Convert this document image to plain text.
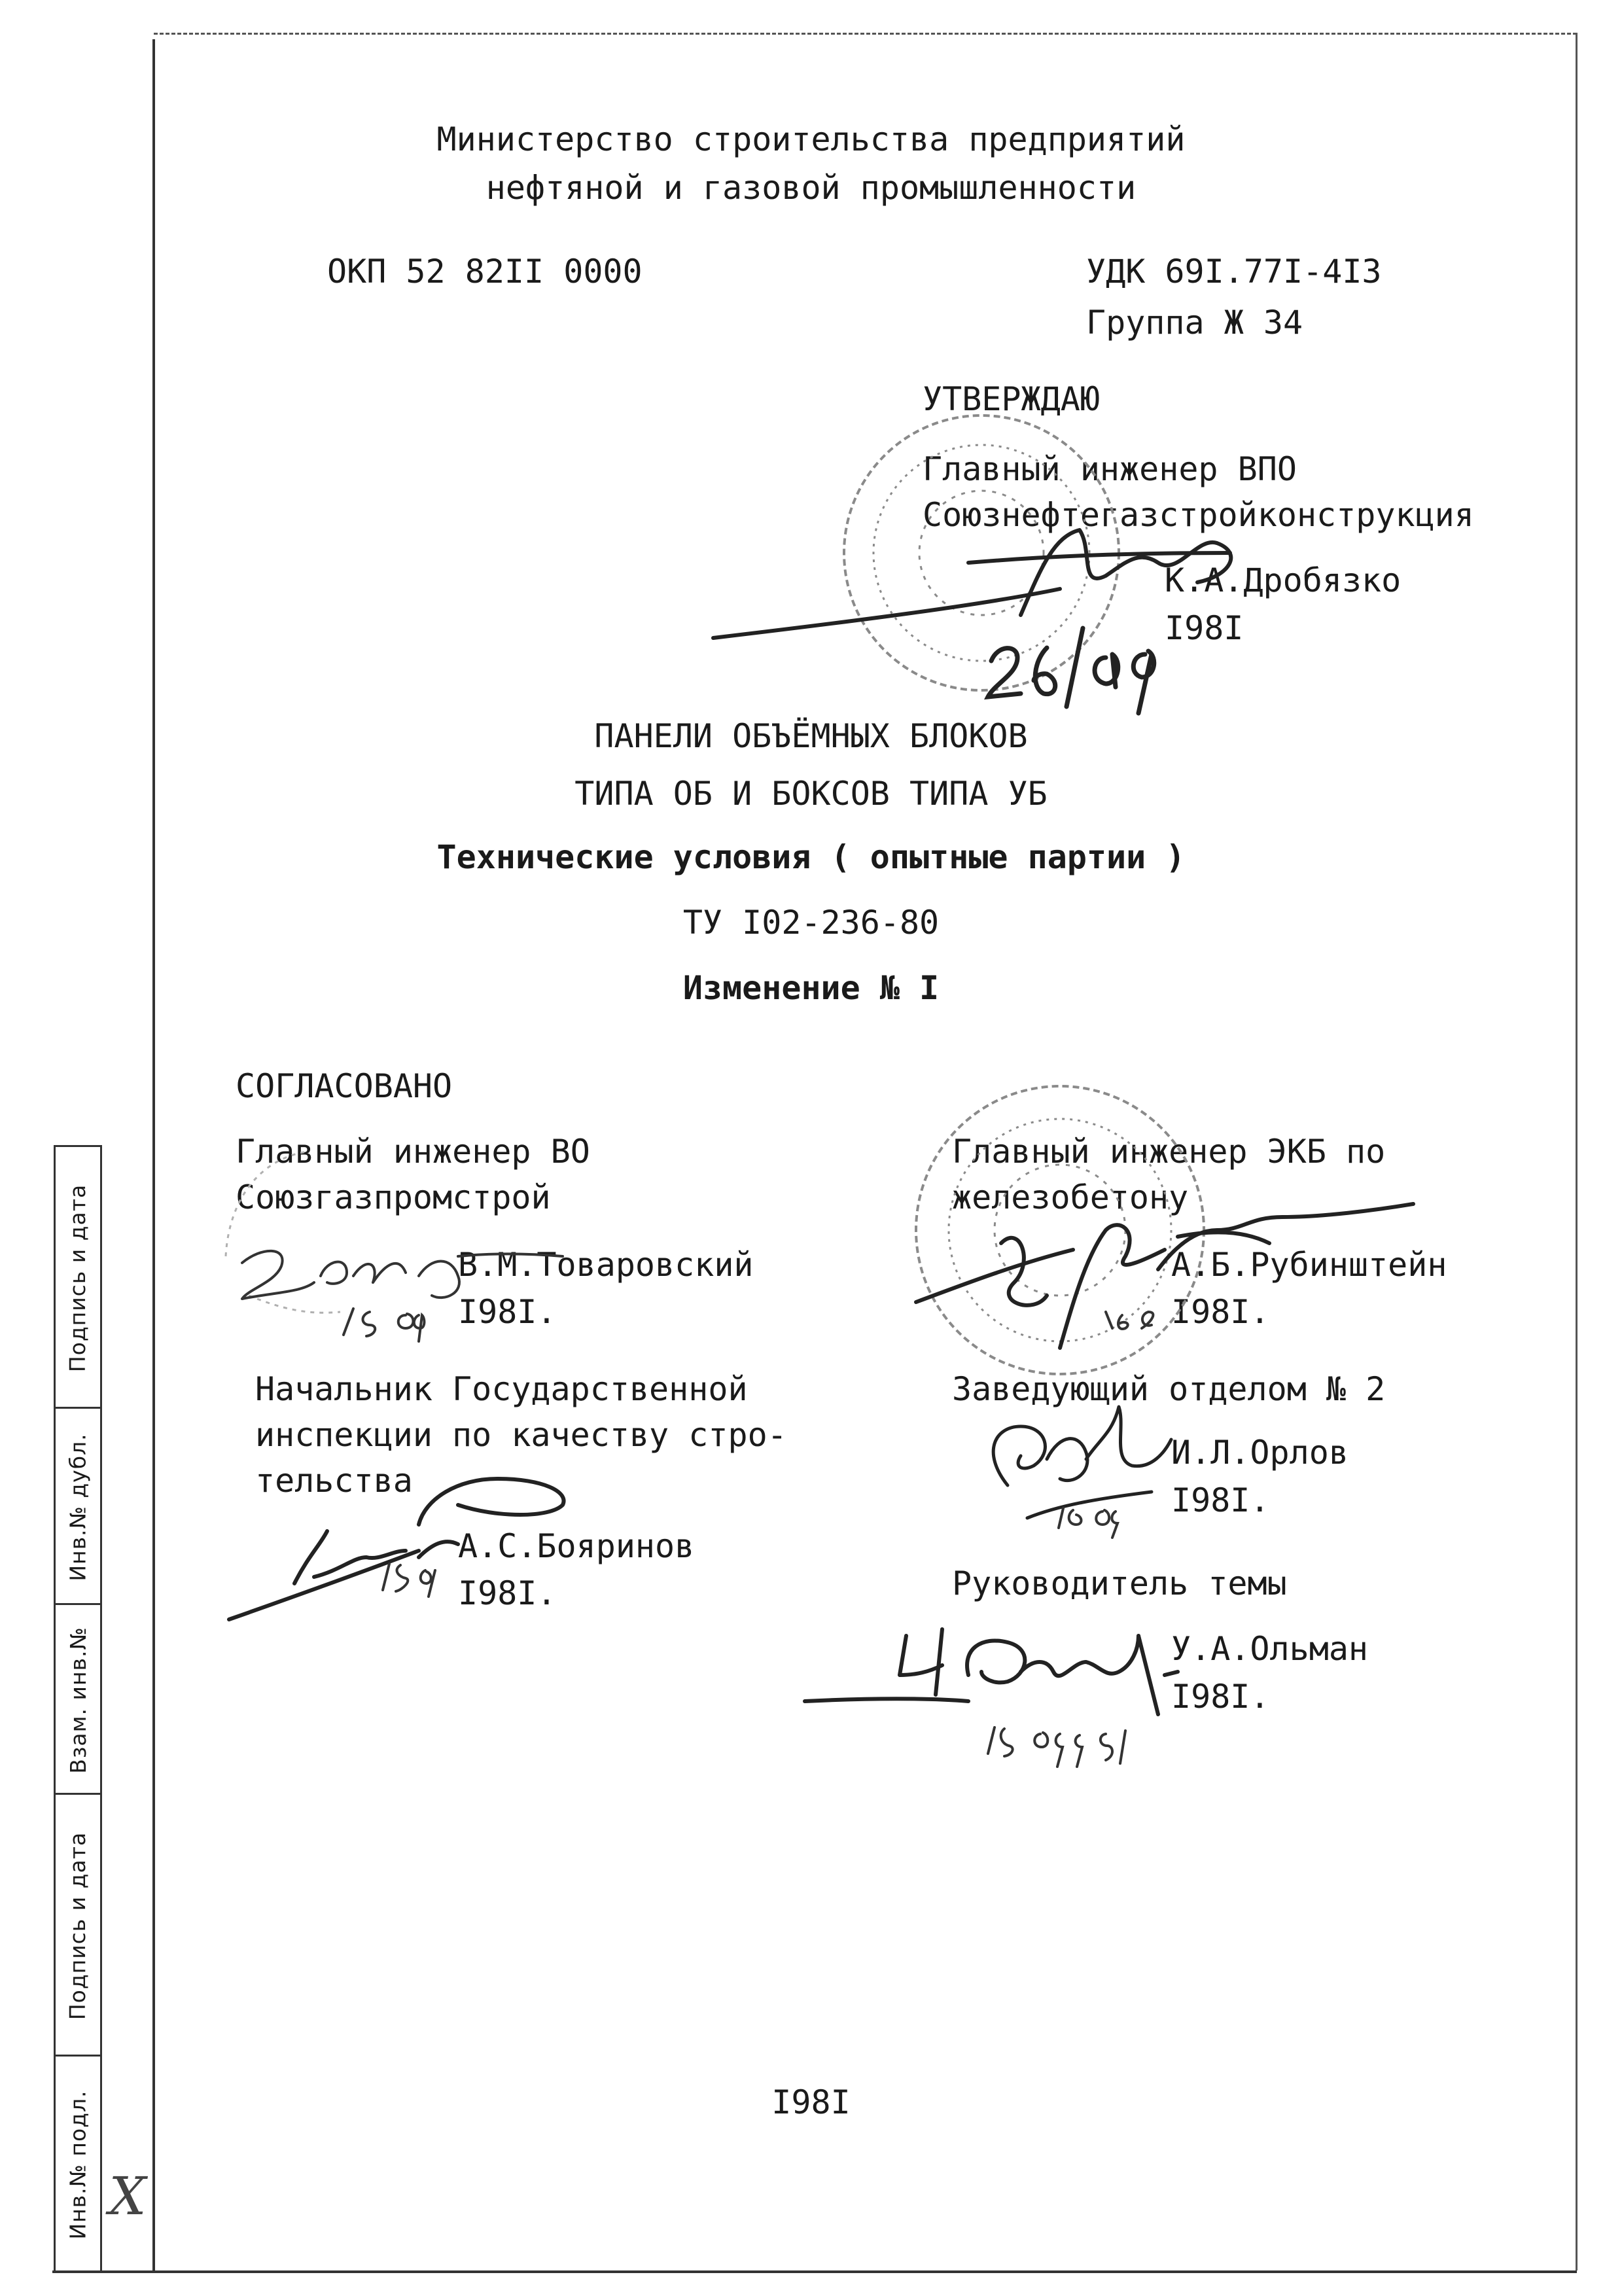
Подпись и дата
Инв.№ дубл.
Взам. инв.№
Подпись и дата
Инв.№ подл. X
Министерство строительства предприятий
нефтяной и газовой промышленности
ОКП 52 82II 0000	УДК 69I.77I-4I3
Группа Ж 34
УТВЕРЖДАЮ
Главный инженер ВПО
Союзнефтегазстройконструкция
К.А.Дробязко
I98I
ПАНЕЛИ ОБЪЁМНЫХ БЛОКОВ
ТИПА ОБ И БОКСОВ ТИПА УБ
Технические условия ( опытные партии )
ТУ I02-236-80
Изменение № I
СОГЛАСОВАНО
Главный инженер ВО
Союзгазпромстрой
В.М.Товаровский
I98I.
Начальник Государственной
инспекции по качеству стро-
тельства
А.С.Бояринов
I98I.
Главный инженер ЭКБ по
железобетону
А.Б.Рубинштейн
I98I.
Заведующий отделом № 2
И.Л.Орлов
I98I.
Руководитель темы
У.А.Ольман
I98I.
I98I
